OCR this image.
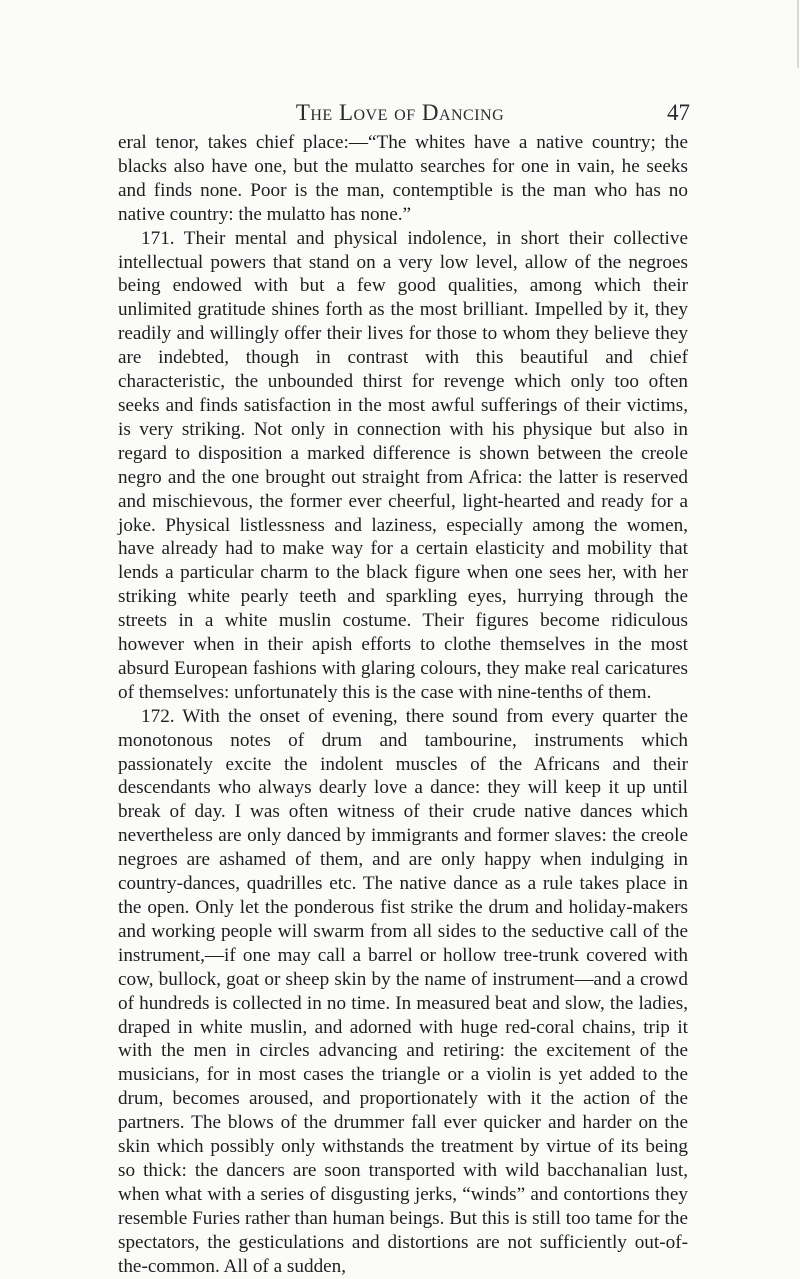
The Love of Dancing	47

eral tenor, takes chief place:—“The whites have a native country; the blacks also have one, but the mulatto searches for one in vain, he seeks and finds none. Poor is the man, contemptible is the man who has no native country: the mulatto has none.”

171. Their mental and physical indolence, in short their collective intellectual powers that stand on a very low level, allow of the negroes being endowed with but a few good qualities, among which their unlimited gratitude shines forth as the most brilliant. Impelled by it, they readily and willingly offer their lives for those to whom they believe they are indebted, though in contrast with this beautiful and chief characteristic, the unbounded thirst for revenge which only too often seeks and finds satisfaction in the most awful sufferings of their victims, is very striking. Not only in connection with his physique but also in regard to disposition a marked difference is shown between the creole negro and the one brought out straight from Africa: the latter is reserved and mischievous, the former ever cheerful, light-hearted and ready for a joke. Physical listlessness and laziness, especially among the women, have already had to make way for a certain elasticity and mobility that lends a particular charm to the black figure when one sees her, with her striking white pearly teeth and sparkling eyes, hurrying through the streets in a white muslin costume. Their figures become ridiculous however when in their apish efforts to clothe themselves in the most absurd European fashions with glaring colours, they make real caricatures of themselves: unfortunately this is the case with nine-tenths of them.

172. With the onset of evening, there sound from every quarter the monotonous notes of drum and tambourine, instruments which passionately excite the indolent muscles of the Africans and their descendants who always dearly love a dance: they will keep it up until break of day. I was often witness of their crude native dances which nevertheless are only danced by immigrants and former slaves: the creole negroes are ashamed of them, and are only happy when indulging in country-dances, quadrilles etc. The native dance as a rule takes place in the open. Only let the ponderous fist strike the drum and holiday-makers and working people will swarm from all sides to the seductive call of the instrument,—if one may call a barrel or hollow tree-trunk covered with cow, bullock, goat or sheep skin by the name of instrument—and a crowd of hundreds is collected in no time. In measured beat and slow, the ladies, draped in white muslin, and adorned with huge red-coral chains, trip it with the men in circles advancing and retiring: the excitement of the musicians, for in most cases the triangle or a violin is yet added to the drum, becomes aroused, and proportionately with it the action of the partners. The blows of the drummer fall ever quicker and harder on the skin which possibly only withstands the treatment by virtue of its being so thick: the dancers are soon transported with wild bacchanalian lust, when what with a series of disgusting jerks, “winds” and contortions they resemble Furies rather than human beings. But this is still too tame for the spectators, the gesticulations and distortions are not sufficiently out-of-the-common. All of a sudden,
